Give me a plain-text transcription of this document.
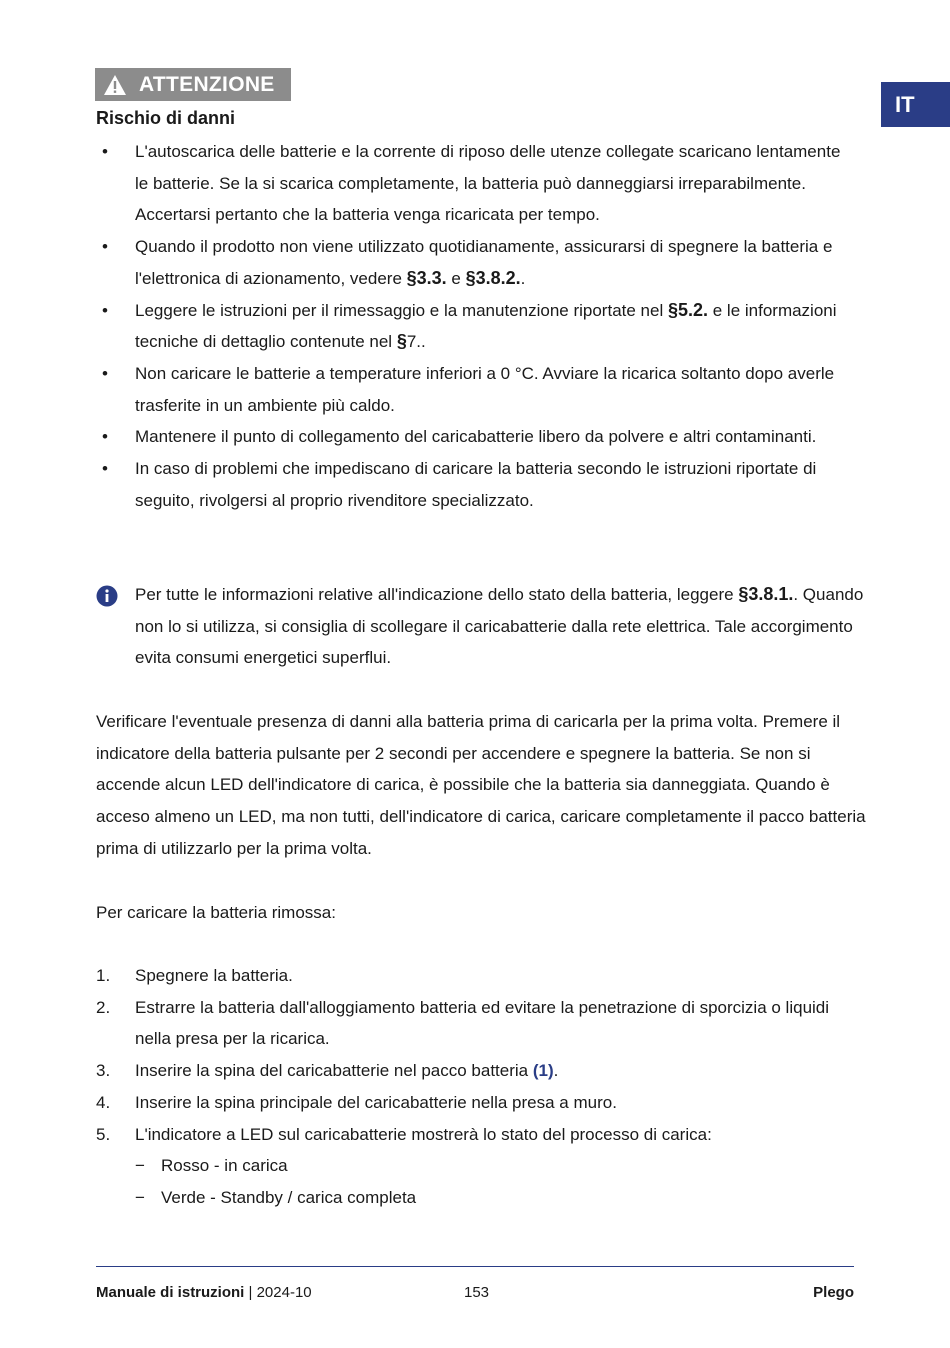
IT
ATTENZIONE
Rischio di danni
• L'autoscarica delle batterie e la corrente di riposo delle utenze collegate scaricano lentamente le batterie. Se la si scarica completamente, la batteria può danneggiarsi irreparabilmente. Accertarsi pertanto che la batteria venga ricaricata per tempo.
• Quando il prodotto non viene utilizzato quotidianamente, assicurarsi di spegnere la batteria e l'elettronica di azionamento, vedere §3.3. e §3.8.2..
• Leggere le istruzioni per il rimessaggio e la manutenzione riportate nel §5.2. e le informazioni tecniche di dettaglio contenute nel §7..
• Non caricare le batterie a temperature inferiori a 0 °C. Avviare la ricarica soltanto dopo averle trasferite in un ambiente più caldo.
• Mantenere il punto di collegamento del caricabatterie libero da polvere e altri contaminanti.
• In caso di problemi che impediscano di caricare la batteria secondo le istruzioni riportate di seguito, rivolgersi al proprio rivenditore specializzato.
Per tutte le informazioni relative all'indicazione dello stato della batteria, leggere §3.8.1.. Quando non lo si utilizza, si consiglia di scollegare il caricabatterie dalla rete elettrica. Tale accorgimento evita consumi energetici superflui.

Verificare l'eventuale presenza di danni alla batteria prima di caricarla per la prima volta. Premere il indicatore della batteria pulsante per 2 secondi per accendere e spegnere la batteria. Se non si accende alcun LED dell'indicatore di carica, è possibile che la batteria sia danneggiata. Quando è acceso almeno un LED, ma non tutti, dell'indicatore di carica, caricare completamente il pacco batteria prima di utilizzarlo per la prima volta.

Per caricare la batteria rimossa:

1. Spegnere la batteria.
2. Estrarre la batteria dall'alloggiamento batteria ed evitare la penetrazione di sporcizia o liquidi nella presa per la ricarica.
3. Inserire la spina del caricabatterie nel pacco batteria (1).
4. Inserire la spina principale del caricabatterie nella presa a muro.
5. L'indicatore a LED sul caricabatterie mostrerà lo stato del processo di carica:
− Rosso - in carica
− Verde - Standby / carica completa
Manuale di istruzioni | 2024-10	153	Plego
